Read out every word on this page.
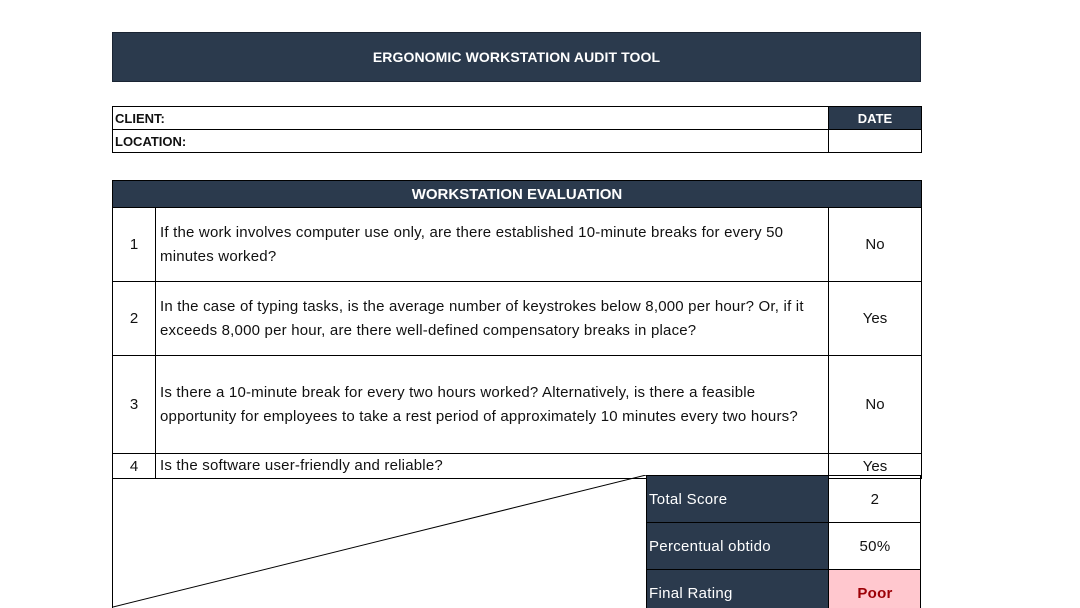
ERGONOMIC WORKSTATION AUDIT TOOL
CLIENT:	DATE
LOCATION:	
WORKSTATION EVALUATION		
1	If the work involves computer use only, are there established 10-minute breaks for every 50 minutes worked?	No
2	In the case of typing tasks, is the average number of keystrokes below 8,000 per hour? Or, if it exceeds 8,000 per hour, are there well-defined compensatory breaks in place?	Yes
3	Is there a 10-minute break for every two hours worked? Alternatively, is there a feasible opportunity for employees to take a rest period of approximately 10 minutes every two hours?	No
4	Is the software user-friendly and reliable?	Yes
Total Score	2
Percentual obtido	50%
Final Rating	Poor
